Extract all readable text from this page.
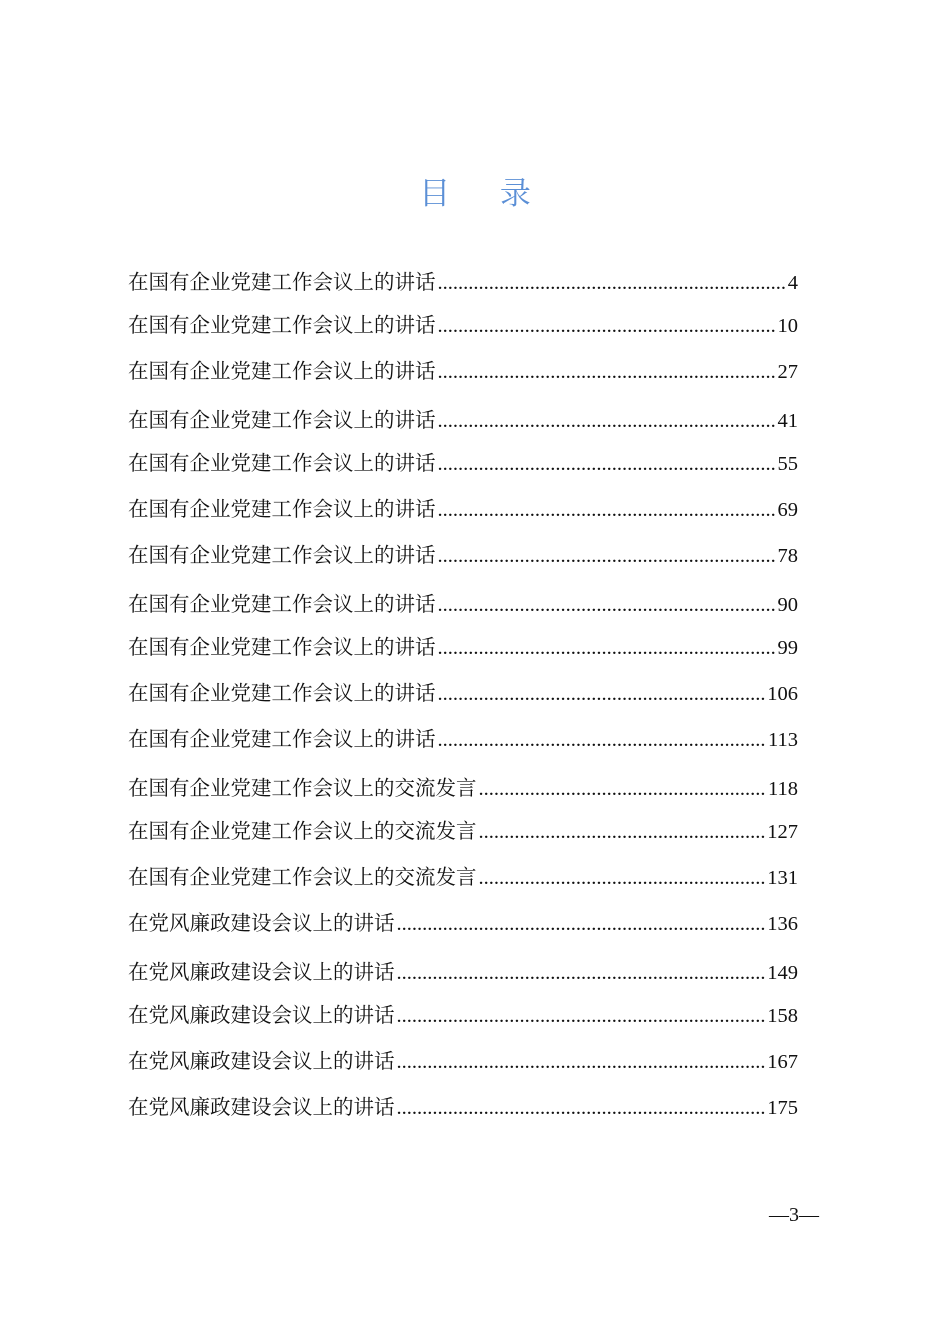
目 录
在国有企业党建工作会议上的讲话 .....	4
在国有企业党建工作会议上的讲话 .....	10
在国有企业党建工作会议上的讲话 .....	27
在国有企业党建工作会议上的讲话 .....	41
在国有企业党建工作会议上的讲话 .....	55
在国有企业党建工作会议上的讲话 .....	69
在国有企业党建工作会议上的讲话 .....	78
在国有企业党建工作会议上的讲话 .....	90
在国有企业党建工作会议上的讲话 .....	99
在国有企业党建工作会议上的讲话 .....	106
在国有企业党建工作会议上的讲话 .....	113
在国有企业党建工作会议上的交流发言 .....	118
在国有企业党建工作会议上的交流发言 .....	127
在国有企业党建工作会议上的交流发言 .....	131
在党风廉政建设会议上的讲话 .....	136
在党风廉政建设会议上的讲话 .....	149
在党风廉政建设会议上的讲话 .....	158
在党风廉政建设会议上的讲话 .....	167
在党风廉政建设会议上的讲话 .....	175
—3—
